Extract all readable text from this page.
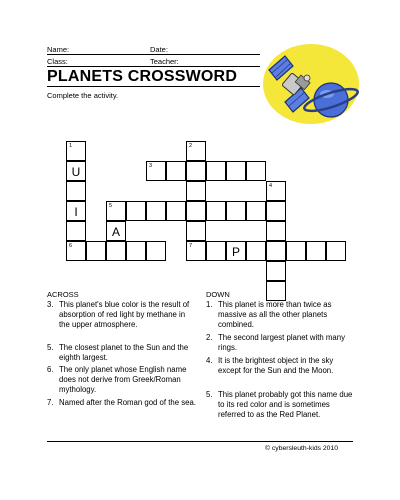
Name:	Date:
Class:	Teacher:
PLANETS CROSSWORD
Complete the activity.
1
U
I
6
2
7
3
5
P
A
4
ACROSS
3. This planet's blue color is the result of absorption of red light by methane in the upper atmosphere.
5. The closest planet to the Sun and the eighth largest.
6. The only planet whose English name does not derive from Greek/Roman mythology.
7. Named after the Roman god of the sea.
DOWN
1. This planet is more than twice as massive as all the other planets combined.
2. The second largest planet with many rings.
4. It is the brightest object in the sky except for the Sun and the Moon.
5. This planet probably got this name due to its red color and is sometimes referred to as the Red Planet.
© cybersleuth-kids 2010
